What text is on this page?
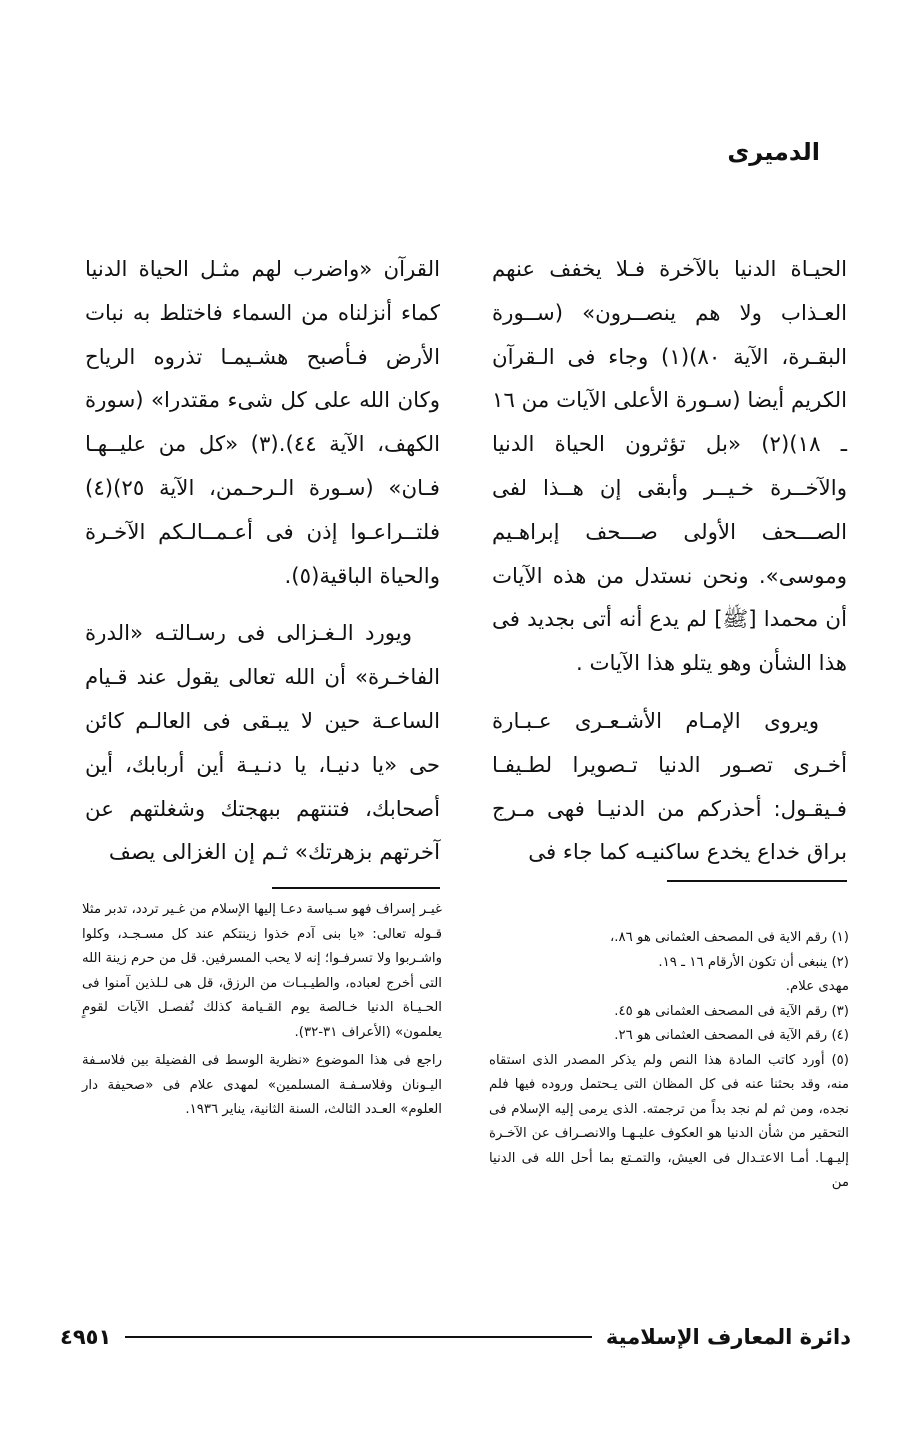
الدميرى

الحيـاة الدنيا بالآخرة فـلا يخفف عنهم العـذاب ولا هم ينصــرون» (ســورة البقـرة، الآية ٨٠)(١) وجاء فى الـقرآن الكريم أيضا (سـورة الأعلى الآيات من ١٦ ـ ١٨)(٢) «بل تؤثرون الحياة الدنيا والآخــرة خـيــر وأبقى إن هــذا لفى الصـــحف الأولى صـــحف إبراهـيم وموسى». ونحن نستدل من هذه الآيات أن محمدا [ﷺ] لم يدع أنه أتى بجديد فى هذا الشأن وهو يتلو هذا الآيات .

ويروى الإمـام الأشـعـرى عـبـارة أخـرى تصـور الدنيا تـصويرا لطـيفـا فـيقـول: أحذركم من الدنيـا فهى مـرج براق خداع يخدع ساكنيـه كما جاء فى

القرآن «واضرب لهم مثـل الحياة الدنيا كماء أنزلناه من السماء فاختلط به نبات الأرض فـأصبح هشـيمـا تذروه الرياح وكان الله على كل شىء مقتدرا» (سورة الكهف، الآية ٤٤).(٣) «كل من عليــهـا فـان» (سـورة الـرحـمن، الآية ٢٥)(٤) فلتــراعـوا إذن فى أعـمــالـكم الآخـرة والحياة الباقية(٥).

ويورد الـغـزالى فى رسـالتـه «الدرة الفاخـرة» أن الله تعالى يقول عند قـيام الساعـة حين لا يبـقى فى العالـم كائن حى «يا دنيـا، يا دنـيـة أين أربابك، أين أصحابك، فتنتهم ببهجتك وشغلتهم عن آخرتهم بزهرتك» ثـم إن الغزالى يصف

(١) رقم الاية فى المصحف العثمانى هو ٨٦.،

(٢) ينبغى أن تكون الأرقام ١٦ ـ ١٩.

مهدى علام.

(٣) رقم الآية فى المصحف العثمانى هو ٤٥.

(٤) رقم الآية فى المصحف العثمانى هو ٢٦.

(٥) أورد كاتب المادة هذا النص ولم يذكر المصدر الذى استقاه منه، وقد بحثنا عنه فى كل المظان التى يـحتمل وروده فيها فلم نجده، ومن ثم لم نجد بداً من ترجمته. الذى يرمى إليه الإسلام فى التحقير من شأن الدنيا هو العكوف عليـهـا والانصـراف عن الآخـرة إليـهـا. أمـا الاعتـدال فى العيش، والتمـتع بما أحل الله فى الدنيا من

غيـر إسراف فهو سـياسة دعـا إليها الإسلام من غـير تردد، تدبر مثلا قـوله تعالى: «يا بنى آدم خذوا زينتكم عند كل مسـجـد، وكلوا واشـربوا ولا تسرفـوا؛ إنه لا يحب المسرفين. قل من حرم زينة الله التى أخرج لعباده، والطيـبـات من الرزق، قل هى لـلذين آمنوا فى الحـيـاة الدنيا خـالصة يوم القـيامة كذلك نُفصـل الآيات لقومٍ يعلمون» (الأعراف ٣١-٣٢).

راجع فى هذا الموضوع «نظرية الوسط فى الفضيلة بين فلاسـفة اليـونان وفلاسـفـة المسلمين» لمهدى علام فى «صحيفة دار العلوم» العـدد الثالث، السنة الثانية، يناير ١٩٣٦.

دائرة المعارف الإسلامية
٤٩٥١
